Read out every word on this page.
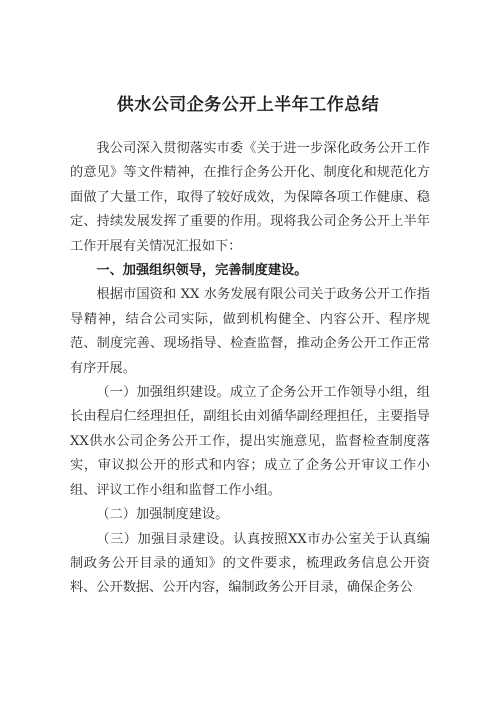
供水公司企务公开上半年工作总结

我公司深入贯彻落实市委《关于进一步深化政务公开工作的意见》等文件精神，在推行企务公开化、制度化和规范化方面做了大量工作，取得了较好成效，为保障各项工作健康、稳定、持续发展发挥了重要的作用。现将我公司企务公开上半年工作开展有关情况汇报如下：

一、加强组织领导，完善制度建设。

根据市国资和 XX 水务发展有限公司关于政务公开工作指导精神，结合公司实际，做到机构健全、内容公开、程序规范、制度完善、现场指导、检查监督，推动企务公开工作正常有序开展。

（一）加强组织建设。成立了企务公开工作领导小组，组长由程启仁经理担任，副组长由刘循华副经理担任，主要指导XX供水公司企务公开工作，提出实施意见，监督检查制度落实，审议拟公开的形式和内容；成立了企务公开审议工作小组、评议工作小组和监督工作小组。

（二）加强制度建设。

（三）加强目录建设。认真按照XX市办公室关于认真编制政务公开目录的通知》的文件要求，梳理政务信息公开资料、公开数据、公开内容，编制政务公开目录，确保企务公
